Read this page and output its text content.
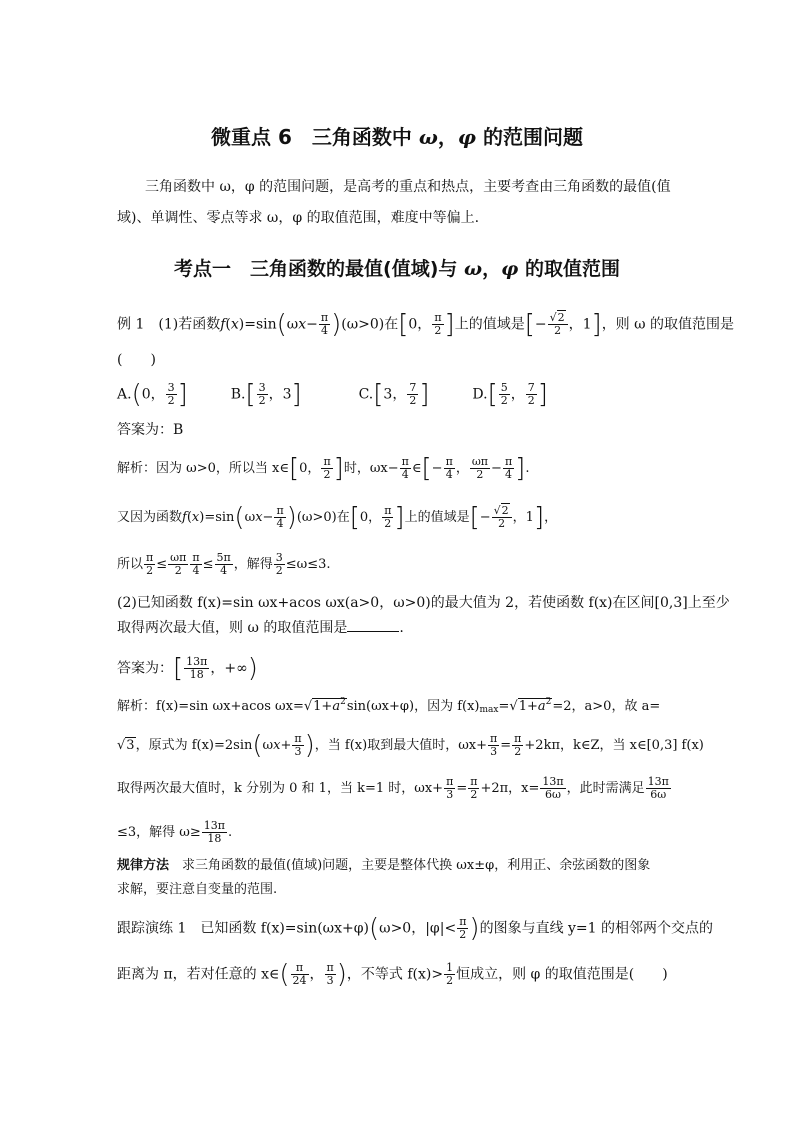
微重点 6　三角函数中 ω，φ 的范围问题
三角函数中 ω，φ 的范围问题，是高考的重点和热点，主要考查由三角函数的最值(值域)、单调性、零点等求 ω，φ 的取值范围，难度中等偏上.
考点一　三角函数的最值(值域)与 ω，φ 的取值范围
例 1　(1)若函数$f(x)=\sin(\omega x- \frac{\pi}{4} )(\omega>0)$在[0， $\frac{\pi}{2}$ ]上的值域是[− $\frac{√2}{2}$ ，1]，则 ω 的取值范围是
(　　)
A.(0， $\frac{3}{2}$ ]	$B.[ \frac{3}{2}$ ，3]	C.[3， $\frac{7}{2}$ ]	$D.[ \frac{5}{2}$ ， $\frac{7}{2}$ ]
答案为：B
解析：因为 ω>0，所以当 x∈[0， $\frac{\pi}{2}$ ]时，$\omega x- \frac{\pi}{4}$ ∈[− $\frac{\pi}{4}$ ， $\frac{\omega\pi}{2} - \frac{\pi}{4}$ ].
又因为函数$f(x)=\sin(\omega x- \frac{\pi}{4} )(\omega>0)$在[0， $\frac{\pi}{2}$ ]上的值域是[− $\frac{√2}{2}$ ，1]，
所以 $\frac{\pi}{2} \le \frac{\omega\pi}{2} \frac{\pi}{4} \le \frac{5\pi}{4}$ ，解得 $\frac{3}{2} \le\omega\le 3$.
(2)已知函数 f(x)=sin ωx+acos ωx(a>0，ω>0)的最大值为 2，若使函数 f(x)在区间[0,3]上至少
取得两次最大值，则 ω 的取值范围是	.
答案为：[ $\frac{13\pi}{18}$ ，+∞)
解析：f(x)=sin ωx+acos $\omega x=√1+a^2\sin(\omega x+\varphi)$，因为 $f(x)_{max}=√1+a^2=2$，a>0，故 a=
√3，原式为 $f(x)=2\sin(\omega x+ \frac{\pi}{3}$ )，当 f(x)取到最大值时，$\omega x+ \frac{\pi}{3} = \frac{\pi}{2} +2k\pi$，k∈Z，当 x∈[0,3] f(x)
取得两次最大值时，k 分别为 0 和 1，当 k=1 时，$\omega x+ \frac{\pi}{3} = \frac{\pi}{2} +2\pi$，$x= \frac{13\pi}{6\omega}$ ，此时需满足 $\frac{13\pi}{6\omega}$
≤3，解得 $\omega\ge \frac{13\pi}{18}$ .
规律方法　求三角函数的最值(值域)问题，主要是整体代换 ωx±φ，利用正、余弦函数的图象
求解，要注意自变量的范围.
跟踪演练 1　已知函数 f(x)=sin(ωx+φ)(ω>0，$|\varphi|< \frac{\pi}{2}$ )的图象与直线 y=1 的相邻两个交点的
距离为 π，若对任意的 x∈( $\frac{\pi}{24}$ ， $\frac{\pi}{3}$ )，不等式 $f(x)> \frac{1}{2}$ 恒成立，则 φ 的取值范围是(　　)
